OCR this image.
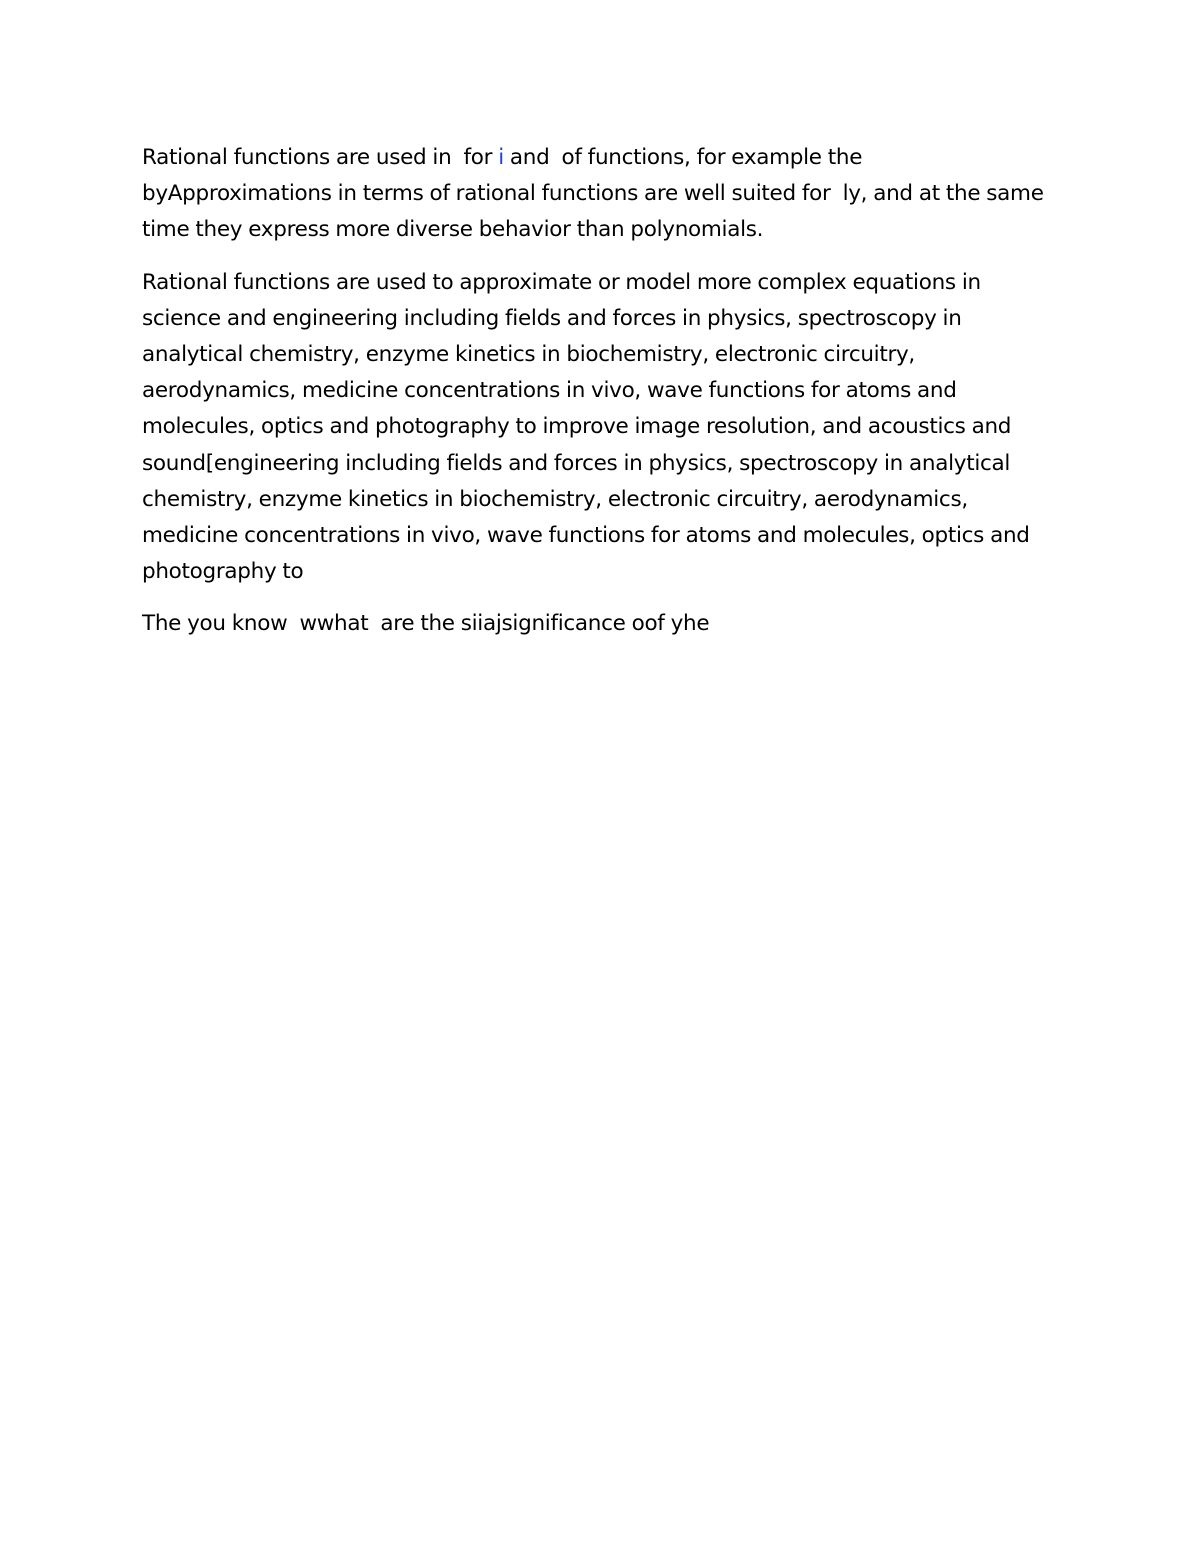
Rational functions are used in  for i and  of functions, for example the byApproximations in terms of rational functions are well suited for  ly, and at the same time they express more diverse behavior than polynomials.

Rational functions are used to approximate or model more complex equations in science and engineering including fields and forces in physics, spectroscopy in analytical chemistry, enzyme kinetics in biochemistry, electronic circuitry, aerodynamics, medicine concentrations in vivo, wave functions for atoms and molecules, optics and photography to improve image resolution, and acoustics and sound[engineering including fields and forces in physics, spectroscopy in analytical chemistry, enzyme kinetics in biochemistry, electronic circuitry, aerodynamics, medicine concentrations in vivo, wave functions for atoms and molecules, optics and photography to

The you know  wwhat  are the siiajsignificance oof yhe
